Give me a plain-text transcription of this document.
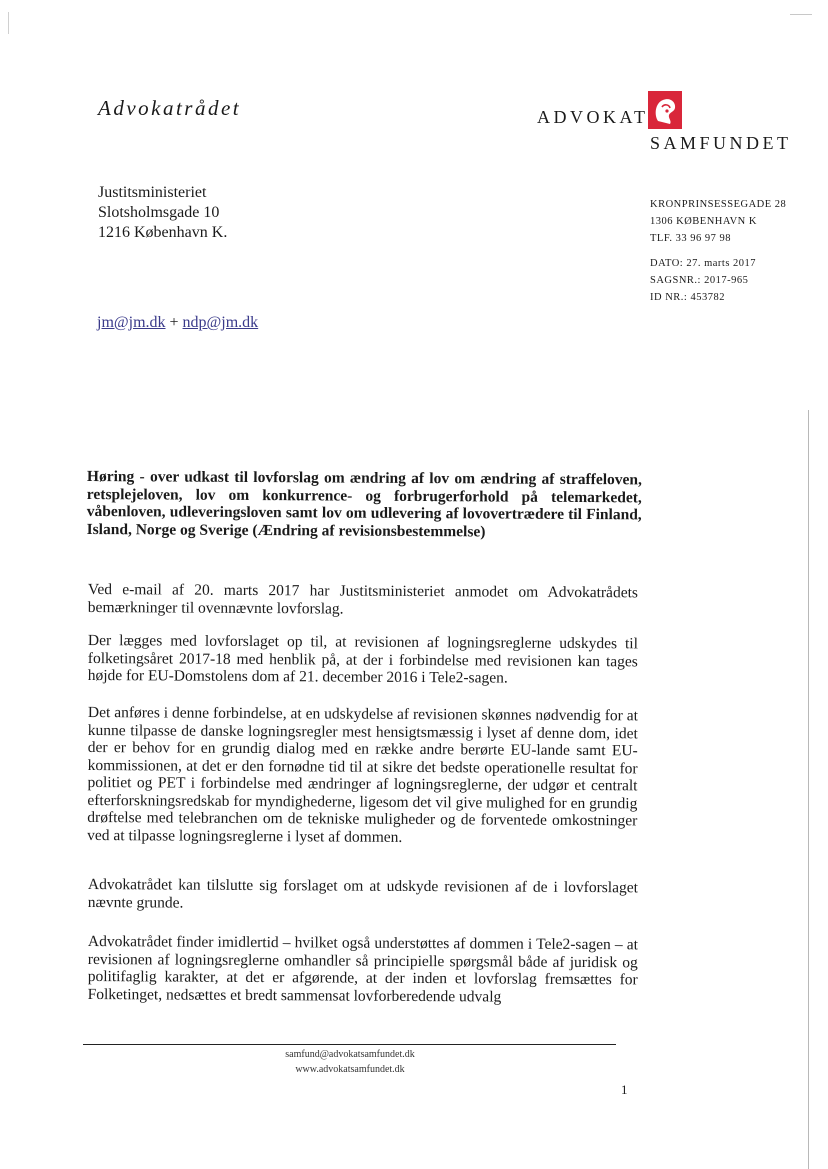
Advokatrådet	ADVOKAT
SAMFUNDET
Justitsministeriet
Slotsholmsgade 10
1216 København K.
KRONPRINSESSEGADE 28
1306 KØBENHAVN K
TLF. 33 96 97 98
DATO: 27. marts 2017
SAGSNR.: 2017-965
ID NR.: 453782
jm@jm.dk + ndp@jm.dk
Høring - over udkast til lovforslag om ændring af lov om ændring af straffeloven, retsplejeloven, lov om konkurrence- og forbrugerforhold på telemarkedet, våbenloven, udleveringsloven samt lov om udlevering af lovovertrædere til Finland, Island, Norge og Sverige (Ændring af revisionsbestemmelse)
Ved e-mail af 20. marts 2017 har Justitsministeriet anmodet om Advokatrådets bemærkninger til ovennævnte lovforslag.
Der lægges med lovforslaget op til, at revisionen af logningsreglerne udskydes til folketingsåret 2017-18 med henblik på, at der i forbindelse med revisionen kan tages højde for EU-Domstolens dom af 21. december 2016 i Tele2-sagen.
Det anføres i denne forbindelse, at en udskydelse af revisionen skønnes nødvendig for at kunne tilpasse de danske logningsregler mest hensigtsmæssig i lyset af denne dom, idet der er behov for en grundig dialog med en række andre berørte EU-lande samt EU-kommissionen, at det er den fornødne tid til at sikre det bedste operationelle resultat for politiet og PET i forbindelse med ændringer af logningsreglerne, der udgør et centralt efterforskningsredskab for myndighederne, ligesom det vil give mulighed for en grundig drøftelse med telebranchen om de tekniske muligheder og de forventede omkostninger ved at tilpasse logningsreglerne i lyset af dommen.
Advokatrådet kan tilslutte sig forslaget om at udskyde revisionen af de i lovforslaget nævnte grunde.
Advokatrådet finder imidlertid – hvilket også understøttes af dommen i Tele2-sagen – at revisionen af logningsreglerne omhandler så principielle spørgsmål både af juridisk og politifaglig karakter, at det er afgørende, at der inden et lovforslag fremsættes for Folketinget, nedsættes et bredt sammensat lovforberedende udvalg
samfund@advokatsamfundet.dk
www.advokatsamfundet.dk
1
